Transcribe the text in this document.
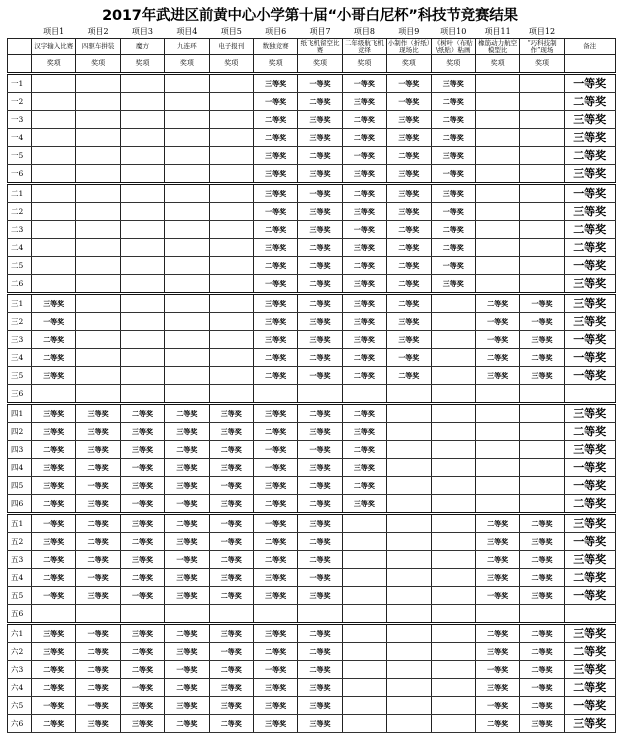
2017年武进区前黄中心小学第十届“小哥白尼杯”科技节竞赛结果
	项目1	项目2	项目3	项目4	项目5	项目6	项目7	项目8	项目9	项目10	项目11	项目12	
	汉字输入比赛	四驱车拼装	魔方	九连环	电子报刊	数独竞赛	纸飞机留空比赛	二年级航飞机竞绎	小制作（折纸）现场比	《树叶（布贴\纸贴）粘画	橡筋动力航空模型比	“巧科技制作”现场	备注
	奖项	奖项	奖项	奖项	奖项	奖项	奖项	奖项	奖项	奖项	奖项	奖项	
一1						三等奖	一等奖	一等奖	一等奖	三等奖			一等奖
一2						一等奖	二等奖	三等奖	一等奖	二等奖			二等奖
一3						二等奖	三等奖	二等奖	三等奖	二等奖			三等奖
一4						二等奖	三等奖	二等奖	三等奖	二等奖			三等奖
一5						三等奖	二等奖	一等奖	二等奖	三等奖			二等奖
一6						三等奖	三等奖	三等奖	三等奖	一等奖			三等奖
二1						三等奖	一等奖	二等奖	三等奖	三等奖			一等奖
二2						一等奖	三等奖	三等奖	三等奖	一等奖			三等奖
二3						二等奖	三等奖	一等奖	二等奖	二等奖			二等奖
二4						三等奖	二等奖	三等奖	二等奖	二等奖			二等奖
二5						二等奖	二等奖	二等奖	二等奖	一等奖			一等奖
二6						一等奖	二等奖	三等奖	二等奖	三等奖			三等奖
三1	三等奖					三等奖	二等奖	三等奖	二等奖		二等奖	一等奖	三等奖
三2	一等奖					三等奖	三等奖	三等奖	三等奖		一等奖	一等奖	三等奖
三3	二等奖					三等奖	三等奖	三等奖	三等奖		一等奖	三等奖	一等奖
三4	二等奖					二等奖	二等奖	二等奖	一等奖		二等奖	二等奖	一等奖
三5	三等奖					二等奖	一等奖	二等奖	二等奖		三等奖	三等奖	一等奖
三6													
四1	三等奖	三等奖	二等奖	二等奖	三等奖	三等奖	二等奖	二等奖					三等奖
四2	三等奖	三等奖	三等奖	三等奖	三等奖	二等奖	三等奖	三等奖					二等奖
四3	二等奖	三等奖	三等奖	二等奖	二等奖	一等奖	一等奖	二等奖					三等奖
四4	三等奖	二等奖	一等奖	三等奖	三等奖	一等奖	三等奖	三等奖					一等奖
四5	三等奖	一等奖	三等奖	三等奖	一等奖	三等奖	二等奖	二等奖					一等奖
四6	二等奖	三等奖	一等奖	一等奖	三等奖	二等奖	二等奖	三等奖					二等奖
五1	一等奖	二等奖	三等奖	二等奖	一等奖	一等奖	三等奖				二等奖	二等奖	三等奖
五2	三等奖	二等奖	二等奖	三等奖	一等奖	二等奖	二等奖				三等奖	三等奖	一等奖
五3	二等奖	二等奖	三等奖	一等奖	二等奖	二等奖	二等奖				二等奖	二等奖	三等奖
五4	二等奖	一等奖	二等奖	三等奖	三等奖	三等奖	一等奖				三等奖	二等奖	二等奖
五5	一等奖	三等奖	一等奖	三等奖	二等奖	三等奖	三等奖				一等奖	三等奖	一等奖
五6													
六1	三等奖	一等奖	三等奖	二等奖	三等奖	三等奖	二等奖				二等奖	二等奖	三等奖
六2	三等奖	二等奖	二等奖	三等奖	一等奖	二等奖	二等奖				三等奖	二等奖	二等奖
六3	二等奖	二等奖	二等奖	一等奖	二等奖	一等奖	二等奖				一等奖	二等奖	三等奖
六4	二等奖	二等奖	一等奖	二等奖	三等奖	三等奖	三等奖				三等奖	一等奖	二等奖
六5	一等奖	一等奖	三等奖	三等奖	三等奖	三等奖	三等奖				一等奖	二等奖	一等奖
六6	二等奖	三等奖	三等奖	二等奖	二等奖	三等奖	三等奖				二等奖	三等奖	三等奖
